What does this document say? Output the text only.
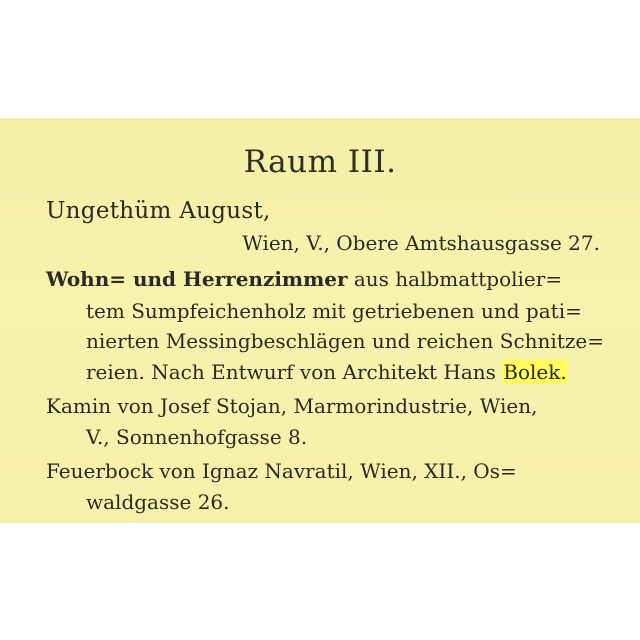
Raum III.
Ungethüm August,
Wien, V., Obere Amtshausgasse 27.
Wohn= und Herrenzimmer aus halbmattpolier=
tem Sumpfeichenholz mit getriebenen und pati=
nierten Messingbeschlägen und reichen Schnitze=
reien. Nach Entwurf von Architekt Hans Bolek.
Kamin von Josef Stojan, Marmorindustrie, Wien,
V., Sonnenhofgasse 8.
Feuerbock von Ignaz Navratil, Wien, XII., Os=
waldgasse 26.
